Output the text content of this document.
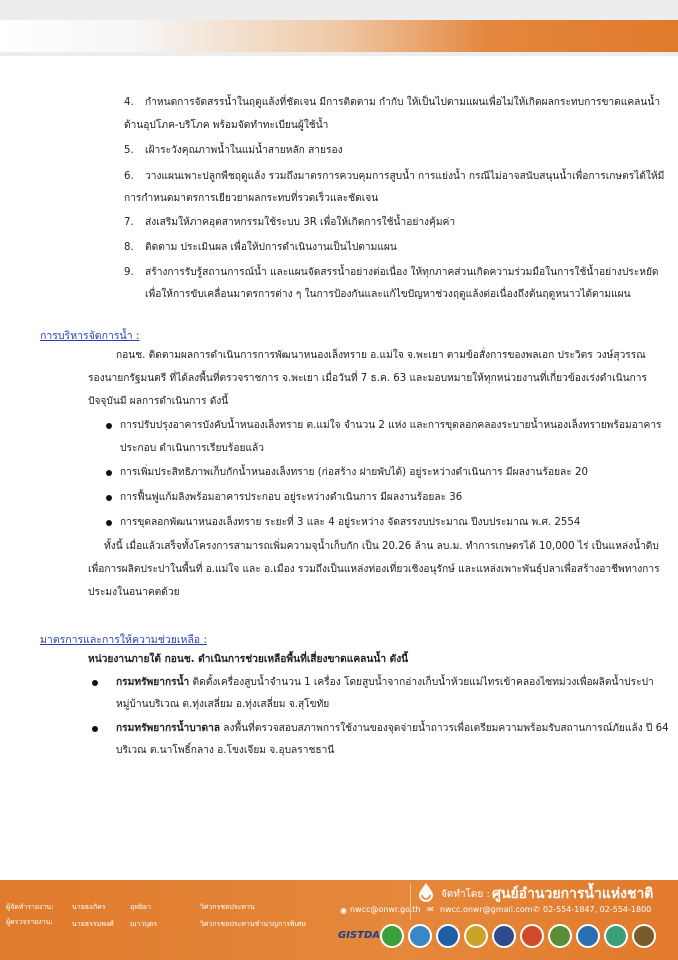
4. กำหนดการจัดสรรน้ำในฤดูแล้งที่ชัดเจน มีการติดตาม กำกับ ให้เป็นไปตามแผนเพื่อไม่ให้เกิดผลกระทบการขาดแคลนน้ำ
ด้านอุปโภค-บริโภค พร้อมจัดทำทะเบียนผู้ใช้น้ำ
5. เฝ้าระวังคุณภาพน้ำในแม่น้ำสายหลัก สายรอง
6. วางแผนเพาะปลูกพืชฤดูแล้ง รวมถึงมาตรการควบคุมการสูบน้ำ การแย่งน้ำ กรณีไม่อาจสนับสนุนน้ำเพื่อการเกษตรได้ให้มี
การกำหนดมาตรการเยียวยาผลกระทบที่รวดเร็วและชัดเจน
7. ส่งเสริมให้ภาคอุตสาหกรรมใช้ระบบ 3R เพื่อให้เกิดการใช้น้ำอย่างคุ้มค่า
8. ติดตาม ประเมินผล เพื่อให้ปการดำเนินงานเป็นไปตามแผน
9. สร้างการรับรู้สถานการณ์น้ำ และแผนจัดสรรน้ำอย่างต่อเนื่อง ให้ทุกภาคส่วนเกิดความร่วมมือในการใช้น้ำอย่างประหยัด
เพื่อให้การขับเคลื่อนมาตรการต่าง ๆ ในการป้องกันและแก้ไขปัญหาช่วงฤดูแล้งต่อเนื่องถึงต้นฤดูหนาวได้ตามแผน
การบริหารจัดการน้ำ :
กอนช. ติดตามผลการดำเนินการการพัฒนาหนองเล็งทราย อ.แม่ใจ จ.พะเยา ตามข้อสั่งการของพลเอก ประวิตร วงษ์สุวรรณ
รองนายกรัฐมนตรี ที่ได้ลงพื้นที่ตรวจราชการ จ.พะเยา เมื่อวันที่ 7 ธ.ค. 63 และมอบหมายให้ทุกหน่วยงานที่เกี่ยวข้องเร่งดำเนินการ
ปัจจุบันมี ผลการดำเนินการ ดังนี้
การปรับปรุงอาคารบังคับน้ำหนองเล็งทราย ต.แม่ใจ จำนวน 2 แห่ง และการขุดลอกคลองระบายน้ำหนองเล็งทรายพร้อมอาคาร
ประกอบ ดำเนินการเรียบร้อยแล้ว
การเพิ่มประสิทธิภาพเก็บกักน้ำหนองเล็งทราย (ก่อสร้าง ฝายพับได้) อยู่ระหว่างดำเนินการ มีผลงานร้อยละ 20
การฟื้นฟูแก้มลิงพร้อมอาคารประกอบ อยู่ระหว่างดำเนินการ มีผลงานร้อยละ 36
การขุดลอกพัฒนาหนองเล็งทราย ระยะที่ 3 และ 4 อยู่ระหว่าง จัดสรรงบประมาณ ปีงบประมาณ พ.ศ. 2554
ทั้งนี้ เมื่อแล้วเสร็จทั้งโครงการสามารถเพิ่มความจุน้ำเก็บกัก เป็น 20.26 ล้าน ลบ.ม. ทำการเกษตรได้ 10,000 ไร่ เป็นแหล่งน้ำดิบ
เพื่อการผลิตประปาในพื้นที่ อ.แม่ใจ และ อ.เมือง รวมถึงเป็นแหล่งท่องเที่ยวเชิงอนุรักษ์ และแหล่งเพาะพันธุ์ปลาเพื่อสร้างอาชีพทางการ
ประมงในอนาคตด้วย
มาตรการและการให้ความช่วยเหลือ :
หน่วยงานภายใต้ กอนช. ดำเนินการช่วยเหลือพื้นที่เสี่ยงขาดแคลนน้ำ ดังนี้
กรมทรัพยากรน้ำ ติดตั้งเครื่องสูบน้ำจำนวน 1 เครื่อง โดยสูบน้ำจากอ่างเก็บน้ำห้วยแม่ไทรเข้าคลองไซทม่วงเพื่อผลิตน้ำประปา
หมู่บ้านบริเวณ ต.ทุ่งเสลี่ยม อ.ทุ่งเสลี่ยม จ.สุโขทัย
กรมทรัพยากรน้ำบาดาล ลงพื้นที่ตรวจสอบสภาพการใช้งานของจุดจ่ายน้ำถาวรเพื่อเตรียมความพร้อมรับสถานการณ์ภัยแล้ง ปี 64
บริเวณ ต.นาโพธิ์กลาง อ.โขงเจียม จ.อุบลราชธานี
ผู้จัดทำรายงาน:	นายธงภัคร	อุทยิยา	วิศวกรชลประทาน
ผู้ตรวจรายงาน:	นายธรรมพงศ์ ณาวบุตร	วิศวกรชลประทานชำนาญการพิเศษ
จัดทำโดย : ศูนย์อำนวยการน้ำแห่งชาติ
◉ nwcc@onwr.go.th ✉ nwcc.onwr@gmail.com ✆ 02-554-1847, 02-554-1800
GISTDA
